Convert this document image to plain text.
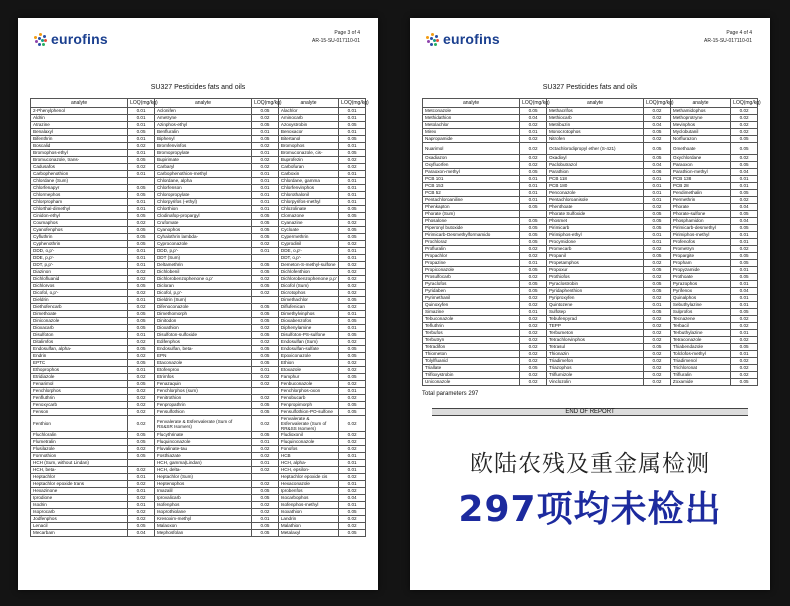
eurofins	Page 3 of 4
AR-15-SU-017110-01
SU327 Pesticides fats and oils
analyte	LOQ(mg/kg)	analyte	LOQ(mg/kg)	analyte	LOQ(mg/kg)
2-Phenylphenol	0.01	Aclonifen	0.05	Alachlor	0.01
Aldrin	0.01	Ametryne	0.02	Aminocarb	0.01
Atrazine	0.01	Azinphos-ethyl	0.05	Azoxystrobin	0.05
Benalaxyl	0.05	Benfluralin	0.01	Benoxacor	0.01
Bifenthrin	0.01	Biphenyl	0.05	Bitertanol	0.05
Boscalid	0.02	Bromfenvinfos	0.02	Bromophos	0.01
Bromophos-ethyl	0.01	Bromopropylate	0.01	Bromuconazole, cis-	0.05
Bromuconazole, trans-	0.05	Bupirimate	0.02	Buprofezin	0.02
Cadusafos	0.02	Carbaryl	0.02	Carbofuran	0.02
Carbophenothion	0.01	Carbophenothion-methyl	0.01	Carboxin	0.01
Chlordane (Sum)		Chlordane, alpha	0.01	Chlordane, gamma	0.01
Chlorfenapyr	0.05	Chlorfenson	0.01	Chlorfenvinphos	0.01
Chlormephos	0.05	Chloropropylate	0.01	Chlorothalonil	0.01
Chlorpropham	0.01	Chlorpyrifos (-ethyl)	0.01	Chlorpyrifos-methyl	0.01
Chlorthal-dimethyl	0.01	Chlorthion	0.01	Chlozolinate	0.05
Cinidon-ethyl	0.05	Clodinafop-propargyl	0.05	Clomazone	0.05
Coumaphos	0.02	Crufomate	0.05	Cyanazine	0.02
Cyanofenphos	0.05	Cyanophos	0.05	Cycloate	0.05
Cyfluthrin	0.05	Cyhalothrin lambda-	0.05	Cypermethrin	0.05
Cyphenothrin	0.05	Cyproconazole	0.02	Cyprodinil	0.02
DDD, o,p'-	0.01	DDD, p,p'-	0.01	DDE, o,p'-	0.01
DDE, p,p'-	0.01	DDT (Sum)		DDT, o,p'-	0.01
DDT, p,p'-	0.01	Deltamethrin	0.05	Demeton-S-methyl-sulfone	0.02
Diazinon	0.02	Dichlobenil	0.05	Dichlofenthion	0.02
Dichlofluanid	0.02	Dichlorobenzophenone o,p'	0.02	Dichlorobenzophenone p,p'	0.02
Dichlorvos	0.05	Dicloran	0.05	Dicofol (Sum)	0.02
Dicofol, o,p'-	0.02	Dicofol, p,p'-	0.02	Dicrotophos	0.02
Dieldrin	0.01	Dieldrin (Sum)		Dimethachlor	0.05
Diethofencarb	0.02	Difenoconazole	0.05	Diflufenican	0.02
Dimethoate	0.05	Dimethomorph	0.05	Dimethylvinphos	0.01
Diniconazole	0.05	Dinitodon	0.05	Dioxabenzofos	0.05
Dioxacarb	0.05	Dioxathion	0.02	Diphenylamine	0.01
Disulfoton	0.01	Disulfoton-sulfoxide	0.05	Disulfoton-PS-sulfone	0.05
Ditalimfos	0.02	Edifenphos	0.02	Endosulfan (Sum)	0.02
Endosulfan, alpha-	0.05	Endosulfan, beta-	0.05	Endosulfan-sulfate	0.05
Endrin	0.02	EPN	0.05	Epoxiconazole	0.05
EPTC	0.05	Etaconazole	0.05	Ethion	0.02
Ethoprophos	0.01	Etofenprox	0.01	Etoxazole	0.02
Etridiazole	0.02	Etrimfos	0.02	Famphur	0.05
Fenarimol	0.05	Fenazaquin	0.02	Fenbuconazole	0.02
Fenchlorphos	0.02	Fenchlorphos (sum)		Fenchlorphos-oxon	0.01
Fenfluthrin	0.02	Fenitrothion	0.02	Fenobucarb	0.02
Fenoxycarb	0.02	Fenpropathrin	0.05	Fenpropimorph	0.05
Fenson	0.02	Fensulfothion	0.05	Fensulfothion-PO-sulfone	0.05
Fenthion	0.02	Fenvalerate & Esfenvalerate (Sum of RS&SR Isomers)	0.02	Fenvalerate & Esfenvalerate (Sum of RR&SS Isomers)	0.02
Fluchloralin	0.05	Flucythrinate	0.05	Fludioxonil	0.02
Flumetralin	0.05	Fluquinconazole	0.01	Fluquinconazole	0.02
Flusilazole	0.02	Fluvalinate-tau	0.02	Fonofos	0.02
Formothion	0.05	Fosthiazate	0.02	HCB	0.01
HCH (Sum, without Lindan)		HCH, gamma(Lindan)	0.01	HCH, alpha-	0.01
HCH, beta-	0.02	HCH, delta-	0.02	HCH, epsilon-	0.01
Heptachlor	0.01	Heptachlor (Sum)		Heptachlor epoxide cis	0.02
Heptachlor epoxide trans	0.02	Heptenophos	0.02	Hexaconazole	0.01
Hexazinone	0.01	Imazalil	0.05	Iprobenfos	0.02
Iprodione	0.02	Iprovalicarb	0.05	Isocarbophos	0.04
Isodrin	0.01	Isofenphos	0.02	Isofenphos-methyl	0.01
Isoprocarb	0.02	Isoprothiolane	0.02	Isoxathion	0.05
Jodfenphos	0.02	Kresoxim-methyl	0.01	Landrin	0.02
Lenacil	0.05	Malaoxon	0.05	Malathion	0.02
Mecarbam	0.04	Mephosfolan	0.05	Metalaxyl	0.05
eurofins	Page 4 of 4
AR-15-SU-017110-01
SU327 Pesticides fats and oils
analyte	LOQ(mg/kg)	analyte	LOQ(mg/kg)	analyte	LOQ(mg/kg)
Metconazole	0.05	Methacrifos	0.02	Methamidophos	0.02
Methidathion	0.04	Methiocarb	0.02	Methoprotryne	0.02
Metolachlor	0.02	Metribuzin	0.04	Mevinphos	0.02
Mirex	0.01	Monocrotophos	0.05	Myclobutanil	0.02
Napropamide	0.02	Nitrofen	0.02	Norflurazon	0.05
Nuarimol	0.02	Octachlorodipropyl ether (S-421)	0.05	Omethoate	0.05
Oxadiazon	0.02	Oxadixyl	0.05	Oxychlordane	0.02
Oxyfluorfen	0.02	Paclobutrazol	0.04	Paraoxon	0.05
Paraoxon-methyl	0.05	Parathion	0.06	Parathion-methyl	0.04
PCB 101	0.01	PCB 118	0.01	PCB 138	0.01
PCB 153	0.01	PCB 180	0.01	PCB 28	0.01
PCB 52	0.01	Penconazole	0.01	Pendimethalin	0.05
Pentachloroaniline	0.01	Pentachloroanisole	0.01	Permethrin	0.02
Phenkapton	0.05	Phenthoate	0.02	Phorate	0.04
Phorate (Sum)		Phorate Sulfoxide	0.05	Phorate-sulfone	0.05
Phosalone	0.05	Phosmet	0.05	Phosphamidon	0.04
Piperonyl butoxide	0.05	Pirimicarb	0.05	Pirimicarb-desmethyl	0.05
Pirimicarb-Desmethylformamido	0.05	Pirimiphos-ethyl	0.01	Pirimiphos-methyl	0.01
Prochloraz	0.05	Procymidone	0.01	Profenofos	0.01
Profluralin	0.02	Promecarb	0.02	Prometryn	0.02
Propachlor	0.02	Propanil	0.05	Propargite	0.05
Propazine	0.01	Propetamphos	0.02	Propham	0.05
Propiconazole	0.05	Propoxur	0.05	Propyzamide	0.01
Prosulfocarb	0.02	Prothiofos	0.02	Prothoate	0.05
Pyraclofos	0.05	Pyraclostrobin	0.05	Pyrazophos	0.01
Pyridaben	0.05	Pyridaphenthion	0.05	Pyrifenox	0.04
Pyrimethanil	0.02	Pyriproxyfen	0.02	Quinalphos	0.01
Quinoxyfen	0.02	Quintozene	0.01	Sebuthylazine	0.01
Simazine	0.01	Sulfotep	0.05	Sulprofos	0.05
Tebuconazole	0.02	Tebufenpyrad	0.02	Tecnazene	0.02
Tefluthrin	0.02	TEPP	0.02	Terbacil	0.02
Terbufos	0.02	Terbumeton	0.02	Terbuthylazine	0.01
Terbutryn	0.02	Tetrachlorvinphos	0.02	Tetraconazole	0.02
Tetradifon	0.02	Tetrasul	0.05	Thiabendazole	0.05
Thiometon	0.02	Thionazin	0.02	Tolclofos-methyl	0.01
Tolylfluanid	0.02	Triadimefon	0.02	Triadimenol	0.02
Triallate	0.05	Triazophos	0.02	Trichloronat	0.02
Trifloxystrobin	0.02	Triflumizole	0.02	Trifluralin	0.02
Uniconazole	0.02	Vinclozolin	0.02	Zoxamide	0.05
Total parameters 297
END OF REPORT
欧陆农残及重金属检测
297项均未检出
